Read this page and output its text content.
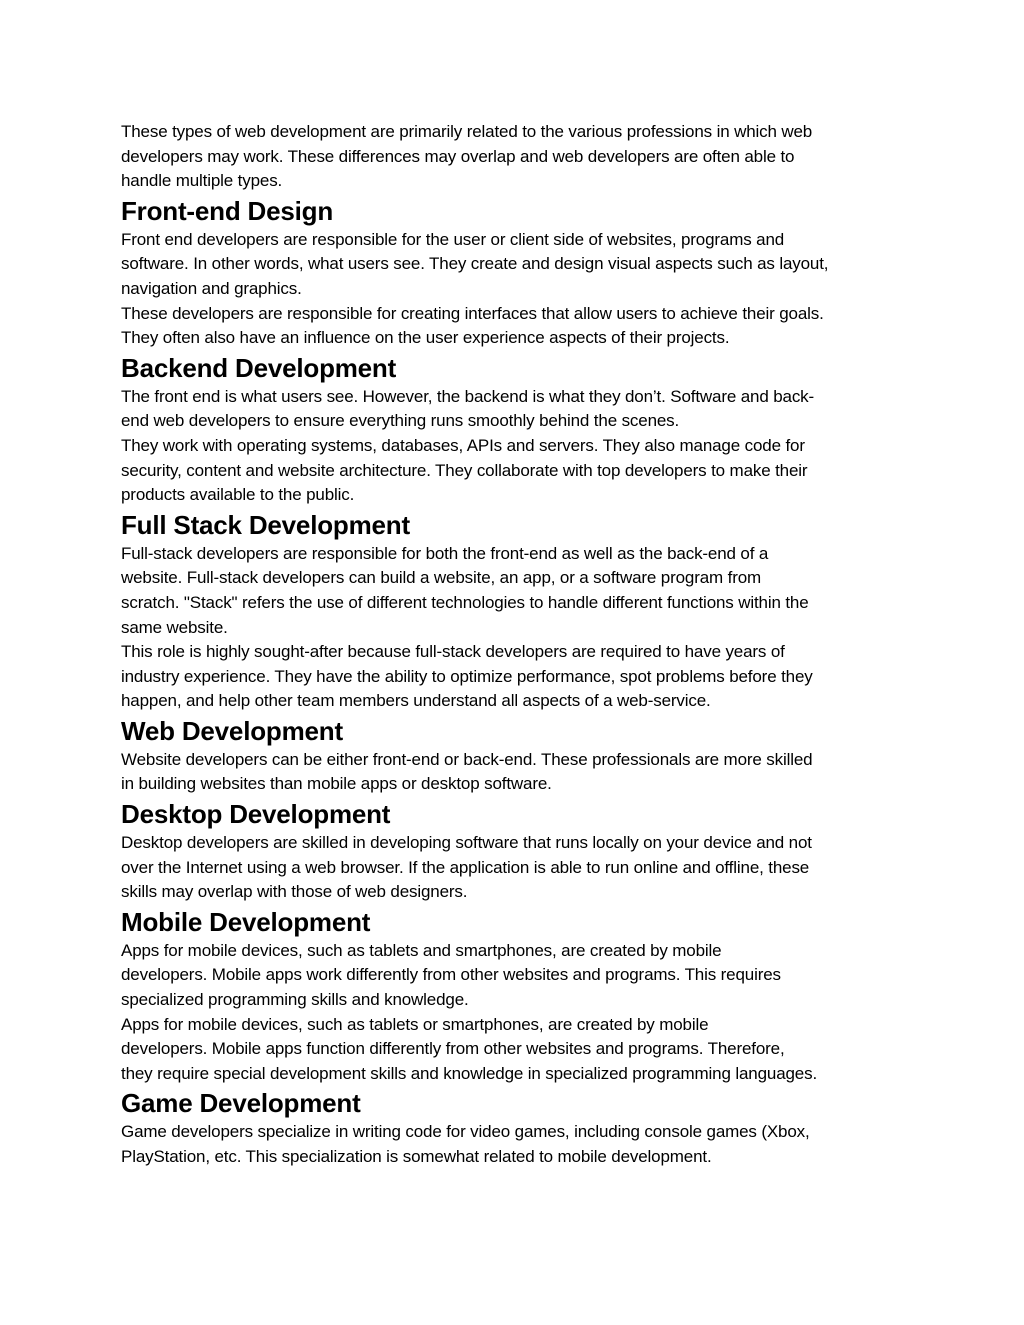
These types of web development are primarily related to the various professions in which web
developers may work. These differences may overlap and web developers are often able to
handle multiple types.

Front-end Design

Front end developers are responsible for the user or client side of websites, programs and
software. In other words, what users see. They create and design visual aspects such as layout,
navigation and graphics.

These developers are responsible for creating interfaces that allow users to achieve their goals.
They often also have an influence on the user experience aspects of their projects.

Backend Development

The front end is what users see. However, the backend is what they don’t. Software and back-
end web developers to ensure everything runs smoothly behind the scenes.

They work with operating systems, databases, APIs and servers. They also manage code for
security, content and website architecture. They collaborate with top developers to make their
products available to the public.

Full Stack Development

Full-stack developers are responsible for both the front-end as well as the back-end of a
website. Full-stack developers can build a website, an app, or a software program from
scratch. "Stack" refers the use of different technologies to handle different functions within the
same website.

This role is highly sought-after because full-stack developers are required to have years of
industry experience. They have the ability to optimize performance, spot problems before they
happen, and help other team members understand all aspects of a web-service.

Web Development

Website developers can be either front-end or back-end. These professionals are more skilled
in building websites than mobile apps or desktop software.

Desktop Development

Desktop developers are skilled in developing software that runs locally on your device and not
over the Internet using a web browser. If the application is able to run online and offline, these
skills may overlap with those of web designers.

Mobile Development

Apps for mobile devices, such as tablets and smartphones, are created by mobile
developers. Mobile apps work differently from other websites and programs. This requires
specialized programming skills and knowledge.

Apps for mobile devices, such as tablets or smartphones, are created by mobile
developers. Mobile apps function differently from other websites and programs. Therefore,
they require special development skills and knowledge in specialized programming languages.

Game Development

Game developers specialize in writing code for video games, including console games (Xbox,
PlayStation, etc. This specialization is somewhat related to mobile development.
